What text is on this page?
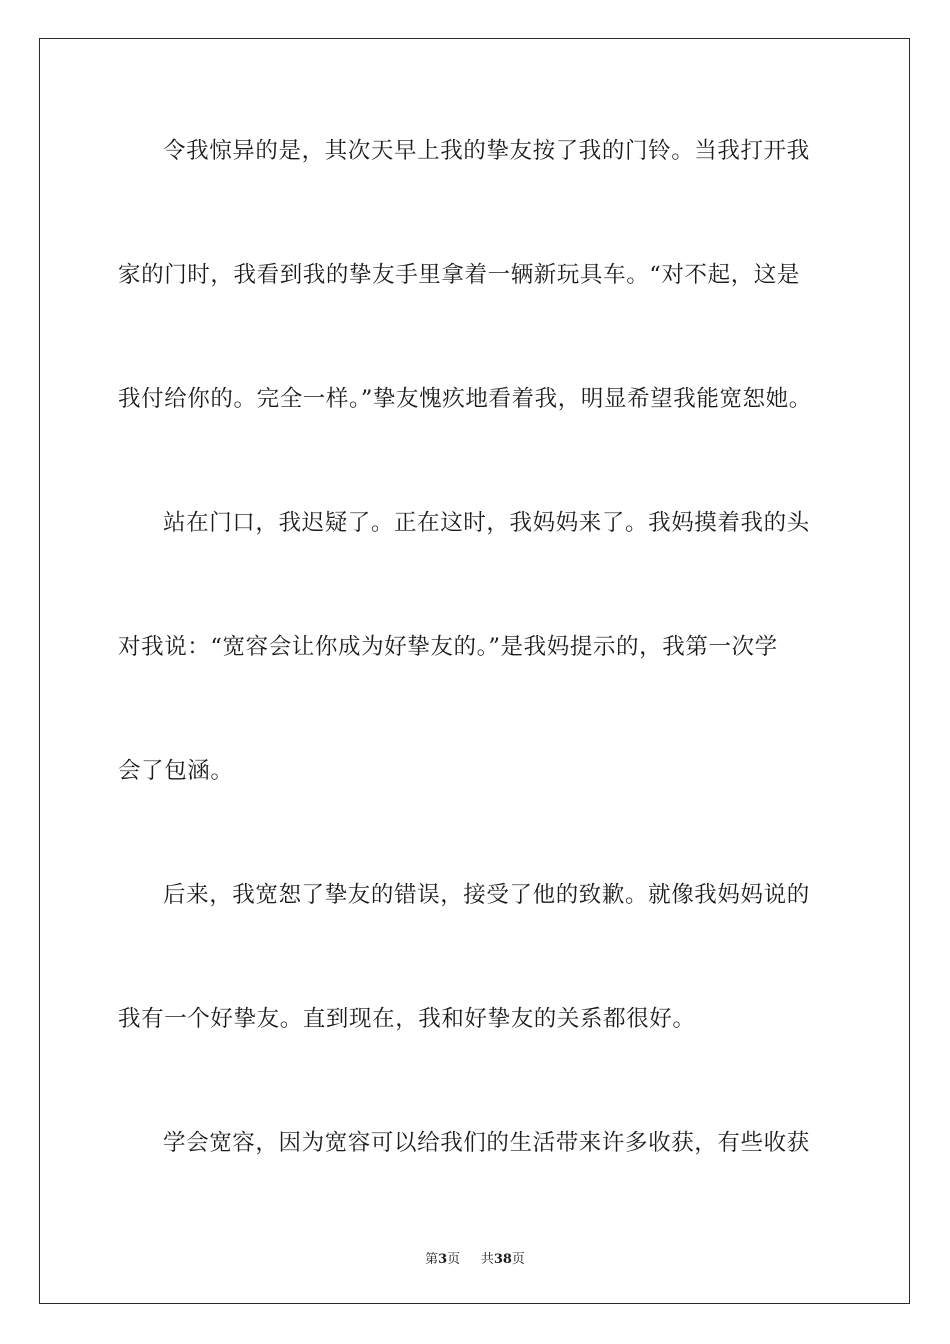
令我惊异的是，其次天早上我的挚友按了我的门铃。当我打开我
家的门时，我看到我的挚友手里拿着一辆新玩具车。“对不起，这是
我付给你的。完全一样。”挚友愧疚地看着我，明显希望我能宽恕她。
站在门口，我迟疑了。正在这时，我妈妈来了。我妈摸着我的头
对我说：“宽容会让你成为好挚友的。”是我妈提示的，我第一次学
会了包涵。
后来，我宽恕了挚友的错误，接受了他的致歉。就像我妈妈说的
我有一个好挚友。直到现在，我和好挚友的关系都很好。
学会宽容，因为宽容可以给我们的生活带来许多收获，有些收获
第3页 共38页
